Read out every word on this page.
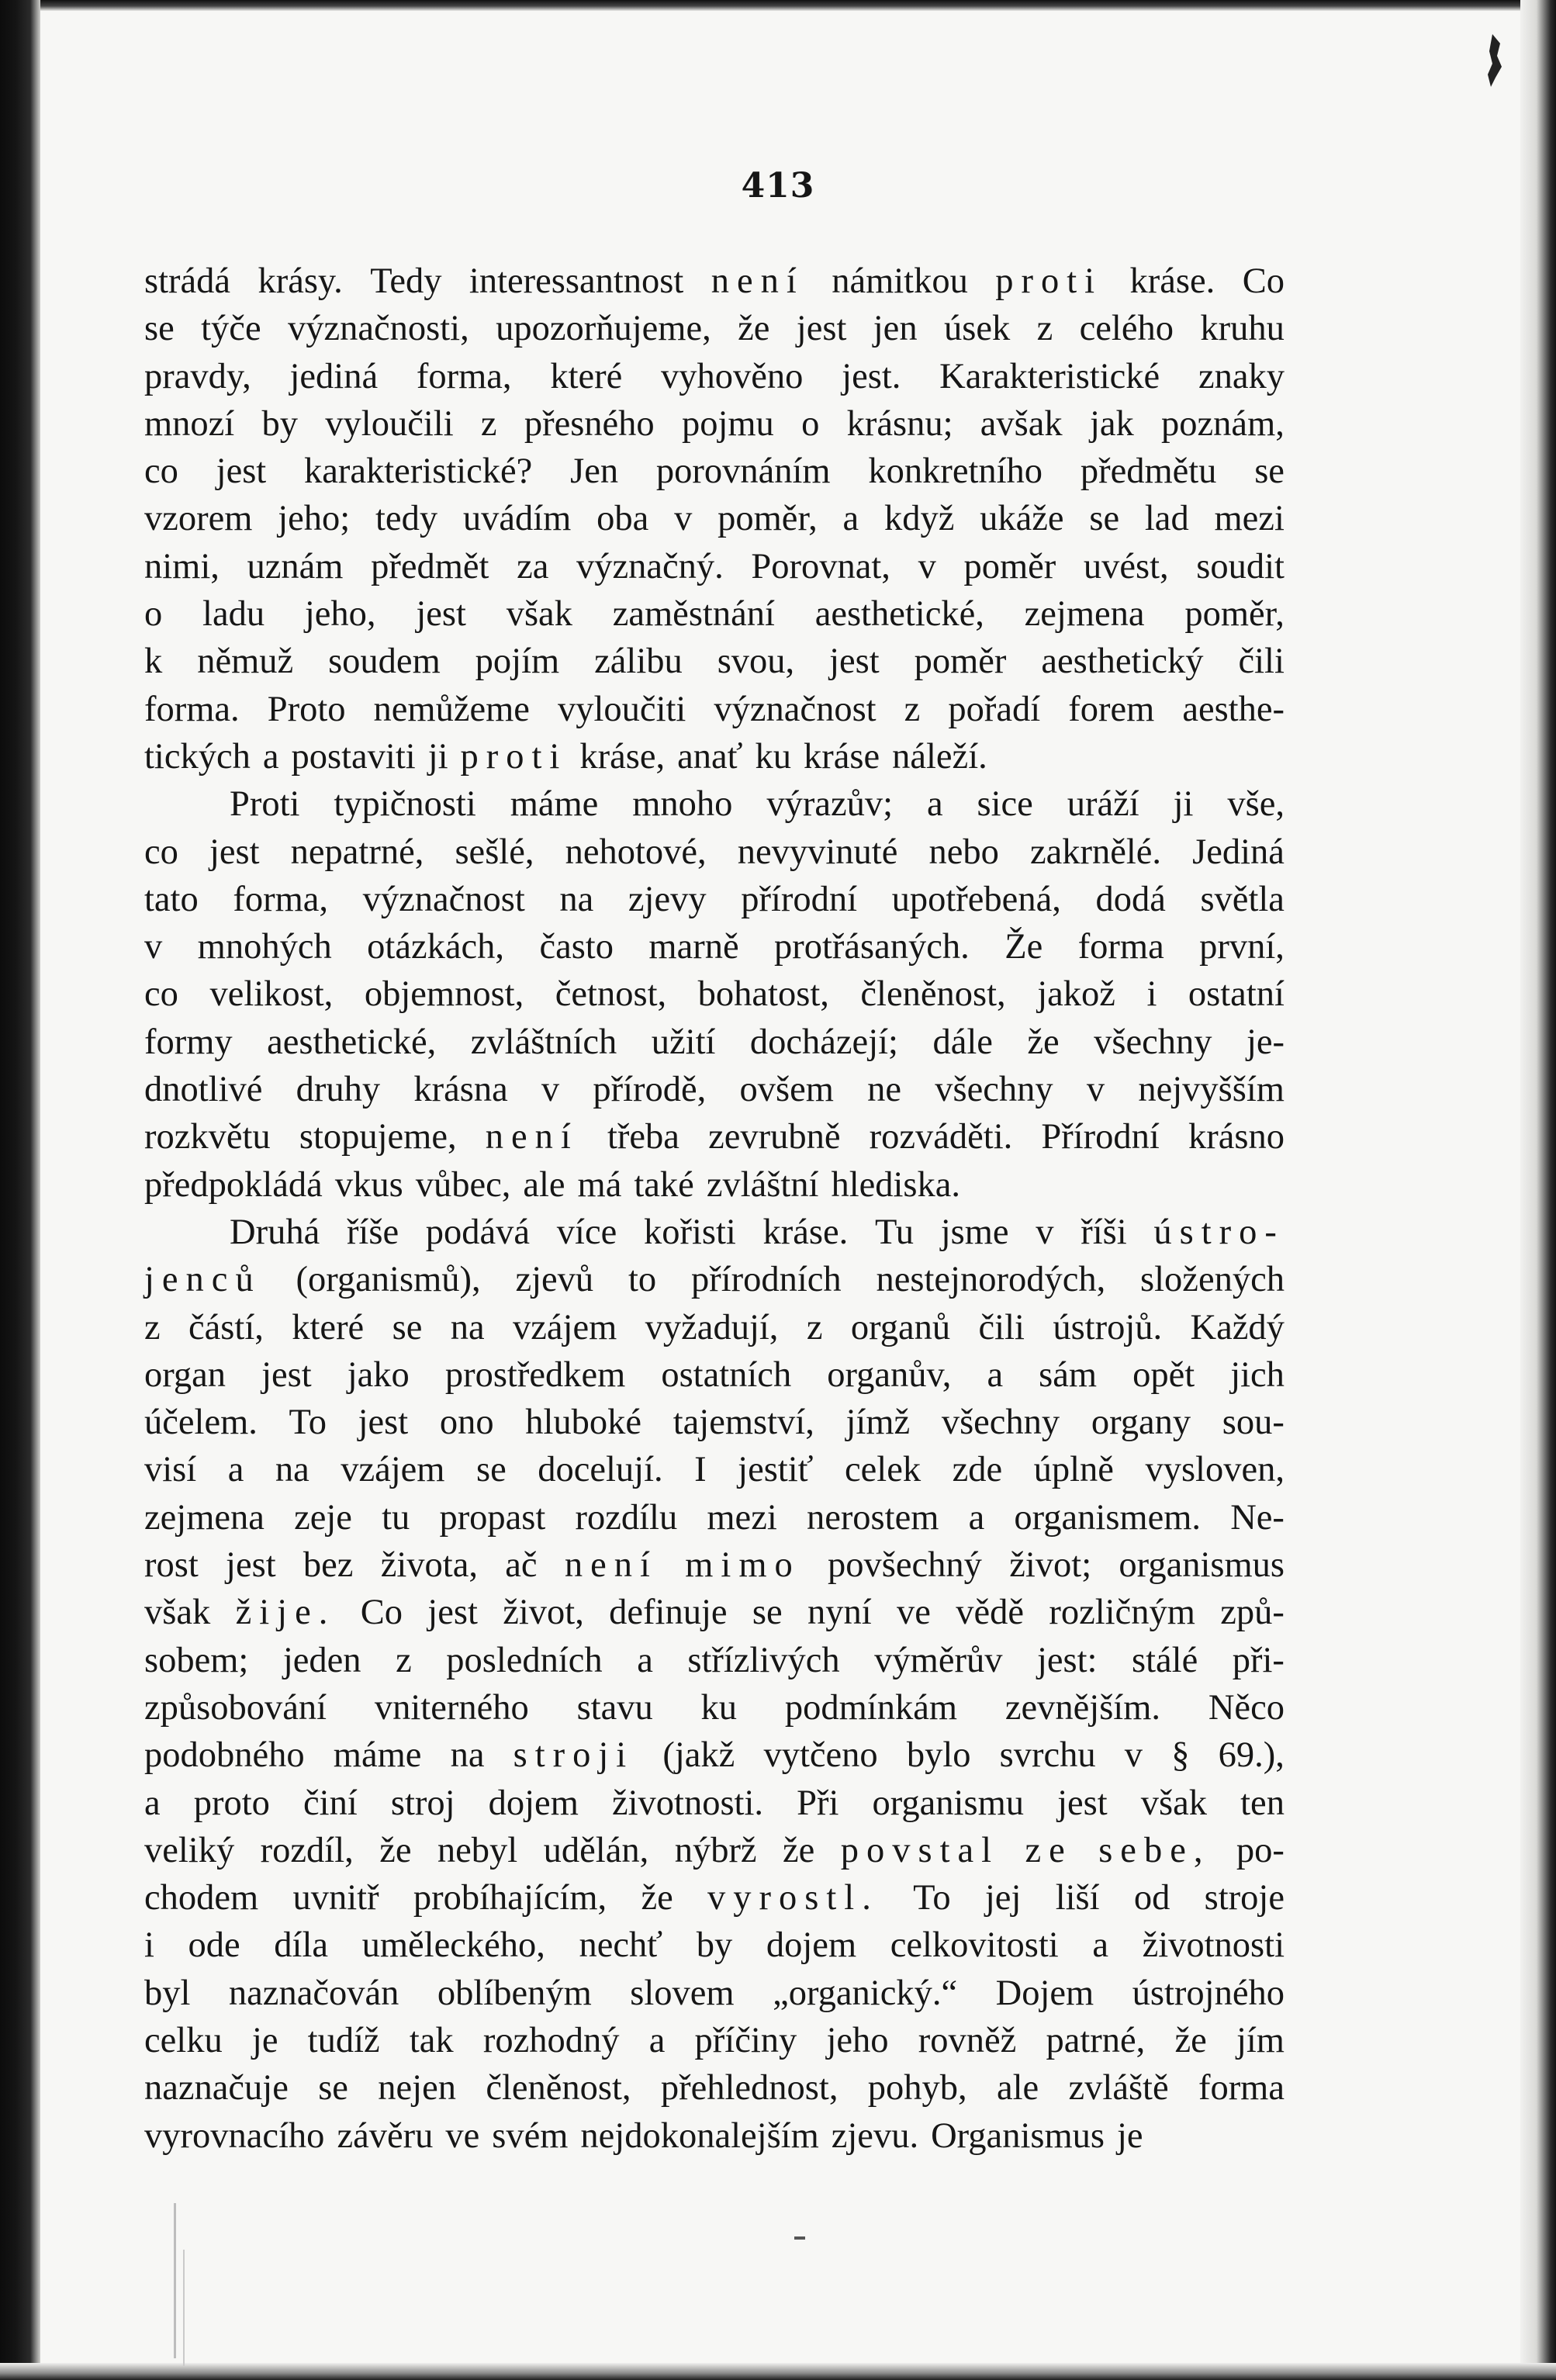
413
strádá krásy. Tedy interessantnost není námitkou proti kráse. Co
se týče význačnosti, upozorňujeme, že jest jen úsek z celého kruhu
pravdy, jediná forma, které vyhověno jest. Karakteristické znaky
mnozí by vyloučili z přesného pojmu o krásnu; avšak jak poznám,
co jest karakteristické? Jen porovnáním konkretního předmětu se
vzorem jeho; tedy uvádím oba v poměr, a když ukáže se lad mezi
nimi, uznám předmět za význačný. Porovnat, v poměr uvést, soudit
o ladu jeho, jest však zaměstnání aesthetické, zejmena poměr,
k němuž soudem pojím zálibu svou, jest poměr aesthetický čili
forma. Proto nemůžeme vyloučiti význačnost z pořadí forem aesthe-
tických a postaviti ji proti kráse, anať ku kráse náleží.
Proti typičnosti máme mnoho výrazův; a sice uráží ji vše,
co jest nepatrné, sešlé, nehotové, nevyvinuté nebo zakrnělé. Jediná
tato forma, význačnost na zjevy přírodní upotřebená, dodá světla
v mnohých otázkách, často marně protřásaných. Že forma první,
co velikost, objemnost, četnost, bohatost, členěnost, jakož i ostatní
formy aesthetické, zvláštních užití docházejí; dále že všechny je-
dnotlivé druhy krásna v přírodě, ovšem ne všechny v nejvyšším
rozkvětu stopujeme, není třeba zevrubně rozváděti. Přírodní krásno
předpokládá vkus vůbec, ale má také zvláštní hlediska.
Druhá říše podává více kořisti kráse. Tu jsme v říši ústro-
jenců (organismů), zjevů to přírodních nestejnorodých, složených
z částí, které se na vzájem vyžadují, z organů čili ústrojů. Každý
organ jest jako prostředkem ostatních organův, a sám opět jich
účelem. To jest ono hluboké tajemství, jímž všechny organy sou-
visí a na vzájem se docelují. I jestiť celek zde úplně vysloven,
zejmena zeje tu propast rozdílu mezi nerostem a organismem. Ne-
rost jest bez života, ač není mimo povšechný život; organismus
však žije. Co jest život, definuje se nyní ve vědě rozličným způ-
sobem; jeden z posledních a střízlivých výměrův jest: stálé při-
způsobování vniterného stavu ku podmínkám zevnějším. Něco
podobného máme na stroji (jakž vytčeno bylo svrchu v § 69.),
a proto činí stroj dojem životnosti. Při organismu jest však ten
veliký rozdíl, že nebyl udělán, nýbrž že povstal ze sebe, po-
chodem uvnitř probíhajícím, že vyrostl. To jej liší od stroje
i ode díla uměleckého, nechť by dojem celkovitosti a životnosti
byl naznačován oblíbeným slovem „organický.“ Dojem ústrojného
celku je tudíž tak rozhodný a příčiny jeho rovněž patrné, že jím
naznačuje se nejen členěnost, přehlednost, pohyb, ale zvláště forma
vyrovnacího závěru ve svém nejdokonalejším zjevu. Organismus je
